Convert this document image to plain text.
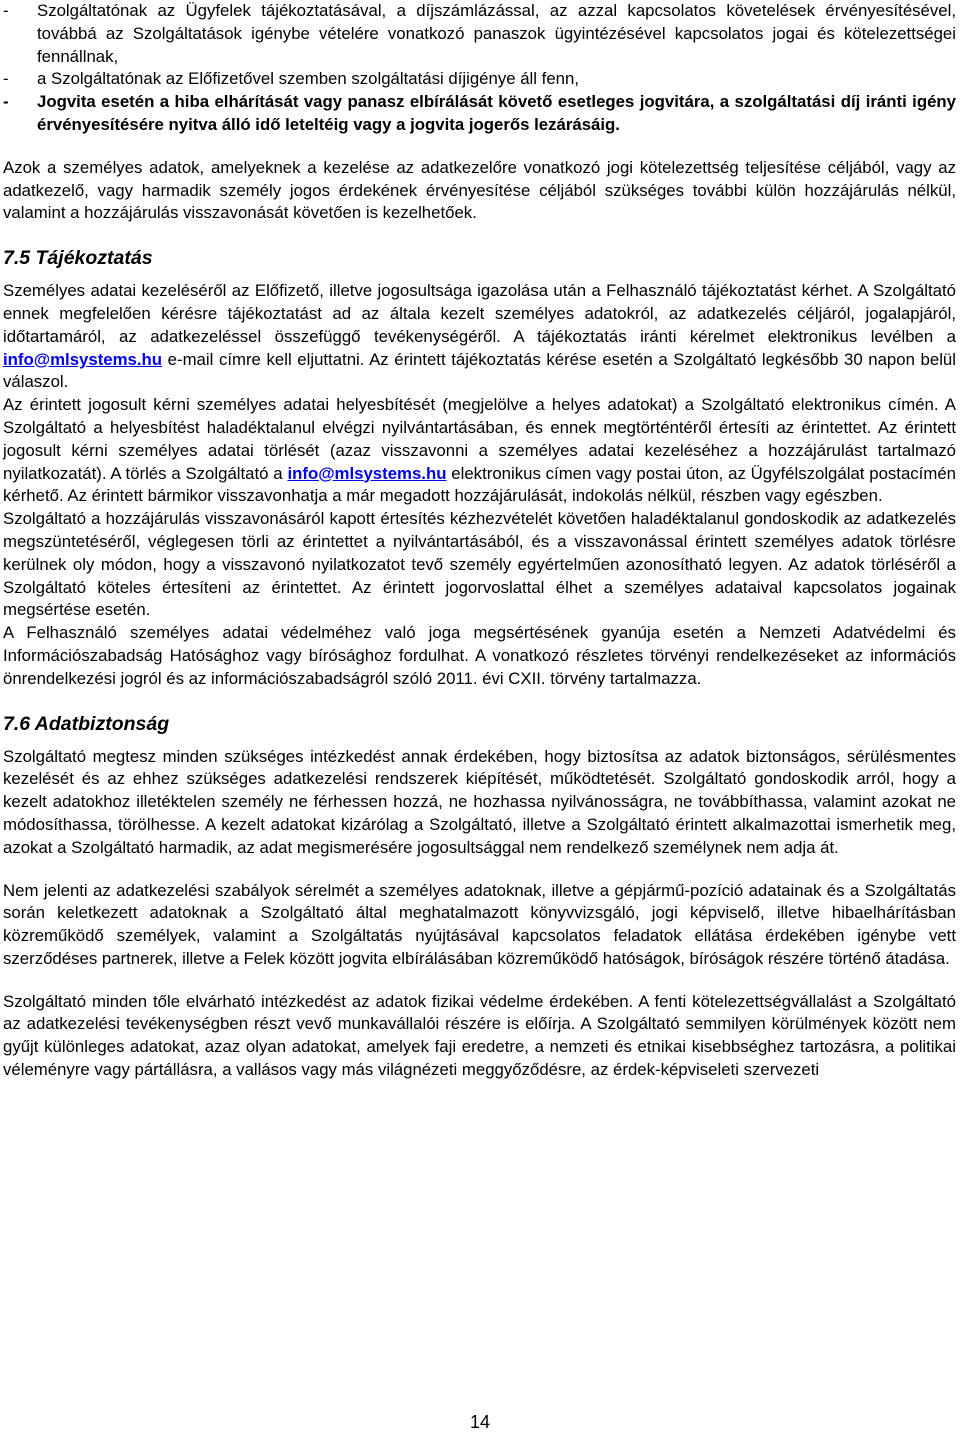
- Szolgáltatónak az Ügyfelek tájékoztatásával, a díjszámlázással, az azzal kapcsolatos követelések érvényesítésével, továbbá az Szolgáltatások igénybe vételére vonatkozó panaszok ügyintézésével kapcsolatos jogai és kötelezettségei fennállnak,
- a Szolgáltatónak az Előfizetővel szemben szolgáltatási díjigénye áll fenn,
- Jogvita esetén a hiba elhárítását vagy panasz elbírálását követő esetleges jogvitára, a szolgáltatási díj iránti igény érvényesítésére nyitva álló idő leteltéig vagy a jogvita jogerős lezárásáig.

Azok a személyes adatok, amelyeknek a kezelése az adatkezelőre vonatkozó jogi kötelezettség teljesítése céljából, vagy az adatkezelő, vagy harmadik személy jogos érdekének érvényesítése céljából szükséges további külön hozzájárulás nélkül, valamint a hozzájárulás visszavonását követően is kezelhetőek.

7.5 Tájékoztatás

Személyes adatai kezeléséről az Előfizető, illetve jogosultsága igazolása után a Felhasználó tájékoztatást kérhet. A Szolgáltató ennek megfelelően kérésre tájékoztatást ad az általa kezelt személyes adatokról, az adatkezelés céljáról, jogalapjáról, időtartamáról, az adatkezeléssel összefüggő tevékenységéről. A tájékoztatás iránti kérelmet elektronikus levélben a info@mlsystems.hu e-mail címre kell eljuttatni. Az érintett tájékoztatás kérése esetén a Szolgáltató legkésőbb 30 napon belül válaszol.

Az érintett jogosult kérni személyes adatai helyesbítését (megjelölve a helyes adatokat) a Szolgáltató elektronikus címén. A Szolgáltató a helyesbítést haladéktalanul elvégzi nyilvántartásában, és ennek megtörténtéről értesíti az érintettet. Az érintett jogosult kérni személyes adatai törlését (azaz visszavonni a személyes adatai kezeléséhez a hozzájárulást tartalmazó nyilatkozatát). A törlés a Szolgáltató a info@mlsystems.hu elektronikus címen vagy postai úton, az Ügyfélszolgálat postacímén kérhető. Az érintett bármikor visszavonhatja a már megadott hozzájárulását, indokolás nélkül, részben vagy egészben.

Szolgáltató a hozzájárulás visszavonásáról kapott értesítés kézhezvételét követően haladéktalanul gondoskodik az adatkezelés megszüntetéséről, véglegesen törli az érintettet a nyilvántartásából, és a visszavonással érintett személyes adatok törlésre kerülnek oly módon, hogy a visszavonó nyilatkozatot tevő személy egyértelműen azonosítható legyen. Az adatok törléséről a Szolgáltató köteles értesíteni az érintettet. Az érintett jogorvoslattal élhet a személyes adataival kapcsolatos jogainak megsértése esetén.

A Felhasználó személyes adatai védelméhez való joga megsértésének gyanúja esetén a Nemzeti Adatvédelmi és Információszabadság Hatósághoz vagy bírósághoz fordulhat. A vonatkozó részletes törvényi rendelkezéseket az információs önrendelkezési jogról és az információszabadságról szóló 2011. évi CXII. törvény tartalmazza.

7.6 Adatbiztonság

Szolgáltató megtesz minden szükséges intézkedést annak érdekében, hogy biztosítsa az adatok biztonságos, sérülésmentes kezelését és az ehhez szükséges adatkezelési rendszerek kiépítését, működtetését. Szolgáltató gondoskodik arról, hogy a kezelt adatokhoz illetéktelen személy ne férhessen hozzá, ne hozhassa nyilvánosságra, ne továbbíthassa, valamint azokat ne módosíthassa, törölhesse. A kezelt adatokat kizárólag a Szolgáltató, illetve a Szolgáltató érintett alkalmazottai ismerhetik meg, azokat a Szolgáltató harmadik, az adat megismerésére jogosultsággal nem rendelkező személynek nem adja át.

Nem jelenti az adatkezelési szabályok sérelmét a személyes adatoknak, illetve a gépjármű-pozíció adatainak és a Szolgáltatás során keletkezett adatoknak a Szolgáltató által meghatalmazott könyvvizsgáló, jogi képviselő, illetve hibaelhárításban közreműködő személyek, valamint a Szolgáltatás nyújtásával kapcsolatos feladatok ellátása érdekében igénybe vett szerződéses partnerek, illetve a Felek között jogvita elbírálásában közreműködő hatóságok, bíróságok részére történő átadása.

Szolgáltató minden tőle elvárható intézkedést az adatok fizikai védelme érdekében. A fenti kötelezettségvállalást a Szolgáltató az adatkezelési tevékenységben részt vevő munkavállalói részére is előírja. A Szolgáltató semmilyen körülmények között nem gyűjt különleges adatokat, azaz olyan adatokat, amelyek faji eredetre, a nemzeti és etnikai kisebbséghez tartozásra, a politikai véleményre vagy pártállásra, a vallásos vagy más világnézeti meggyőződésre, az érdek-képviseleti szervezeti

14
